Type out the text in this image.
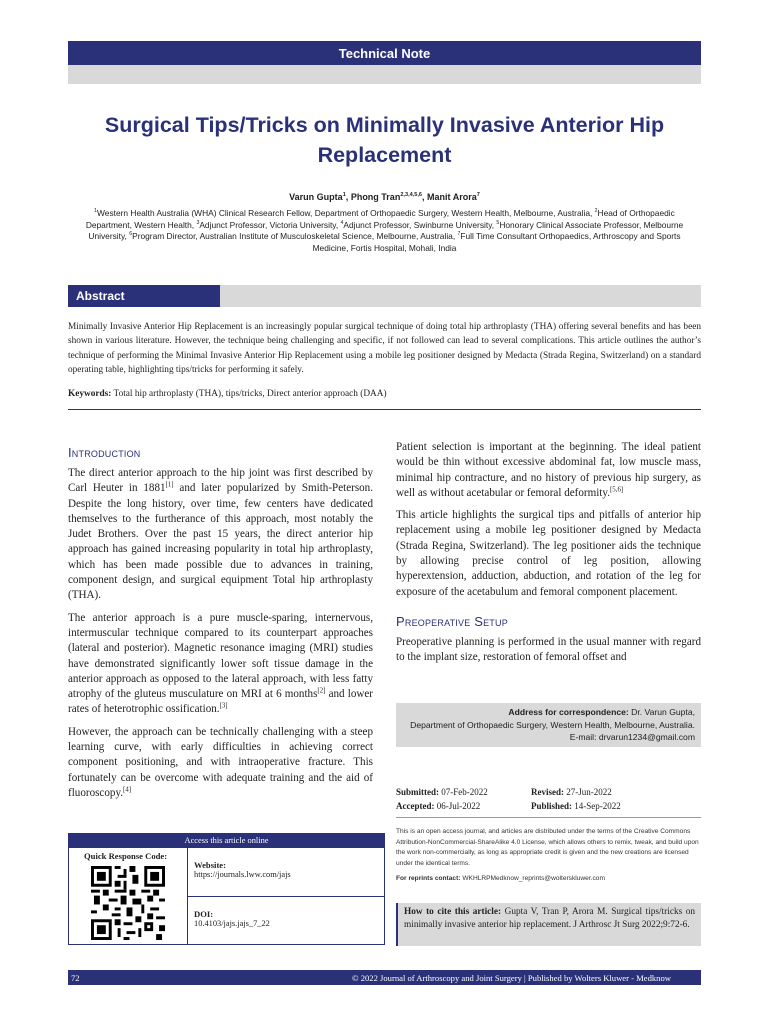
Technical Note
Surgical Tips/Tricks on Minimally Invasive Anterior Hip Replacement
Varun Gupta$^1$, Phong Tran$^{2,3,4,5,6}$, Manit Arora$^7$
$^1$Western Health Australia (WHA) Clinical Research Fellow, Department of Orthopaedic Surgery, Western Health, Melbourne, Australia, $^2$Head of Orthopaedic Department, Western Health, $^3$Adjunct Professor, Victoria University, $^4$Adjunct Professor, Swinburne University, $^5$Honorary Clinical Associate Professor, Melbourne University, $^6$Program Director, Australian Institute of Musculoskeletal Science, Melbourne, Australia, $^7$Full Time Consultant Orthopaedics, Arthroscopy and Sports Medicine, Fortis Hospital, Mohali, India
Abstract
Minimally Invasive Anterior Hip Replacement is an increasingly popular surgical technique of doing total hip arthroplasty (THA) offering several benefits and has been shown in various literature. However, the technique being challenging and specific, if not followed can lead to several complications. This article outlines the author’s technique of performing the Minimal Invasive Anterior Hip Replacement using a mobile leg positioner designed by Medacta (Strada Regina, Switzerland) on a standard operating table, highlighting tips/tricks for performing it safely.
Keywords: Total hip arthroplasty (THA), tips/tricks, Direct anterior approach (DAA)
Introduction

The direct anterior approach to the hip joint was first described by Carl Heuter in 1881[1] and later popularized by Smith-Peterson. Despite the long history, over time, few centers have dedicated themselves to the furtherance of this approach, most notably the Judet Brothers. Over the past 15 years, the direct anterior hip approach has gained increasing popularity in total hip arthroplasty, which has been made possible due to advances in training, component design, and surgical equipment Total hip arthroplasty (THA).

The anterior approach is a pure muscle-sparing, internervous, intermuscular technique compared to its counterpart approaches (lateral and posterior). Magnetic resonance imaging (MRI) studies have demonstrated significantly lower soft tissue damage in the anterior approach as opposed to the lateral approach, with less fatty atrophy of the gluteus musculature on MRI at 6 months[2] and lower rates of heterotrophic ossification.[3]

However, the approach can be technically challenging with a steep learning curve, with early difficulties in achieving correct component positioning, and with intraoperative fracture. This fortunately can be overcome with adequate training and the aid of fluoroscopy.[4]

Patient selection is important at the beginning. The ideal patient would be thin without excessive abdominal fat, low muscle mass, minimal hip contracture, and no history of previous hip surgery, as well as without acetabular or femoral deformity.[5,6]

This article highlights the surgical tips and pitfalls of anterior hip replacement using a mobile leg positioner designed by Medacta (Strada Regina, Switzerland). The leg positioner aids the technique by allowing precise control of leg position, allowing hyperextension, adduction, abduction, and rotation of the leg for exposure of the acetabulum and femoral component placement.

Preoperative Setup

Preoperative planning is performed in the usual manner with regard to the implant size, restoration of femoral offset and

Address for correspondence: Dr. Varun Gupta,
Department of Orthopaedic Surgery, Western Health, Melbourne, Australia.
E-mail: drvarun1234@gmail.com
Submitted: 07-Feb-2022
Accepted: 06-Jul-2022
Revised: 27-Jun-2022
Published: 14-Sep-2022
This is an open access journal, and articles are distributed under the terms of the Creative Commons Attribution-NonCommercial-ShareAlike 4.0 License, which allows others to remix, tweak, and build upon the work non-commercially, as long as appropriate credit is given and the new creations are licensed under the identical terms.
For reprints contact: WKHLRPMedknow_reprints@wolterskluwer.com
How to cite this article: Gupta V, Tran P, Arora M. Surgical tips/tricks on minimally invasive anterior hip replacement. J Arthrosc Jt Surg 2022;9:72-6.
Access this article online
Quick Response Code:
Website:
https://journals.lww.com/jajs
DOI:
10.4103/jajs.jajs_7_22
72	© 2022 Journal of Arthroscopy and Joint Surgery | Published by Wolters Kluwer - Medknow
